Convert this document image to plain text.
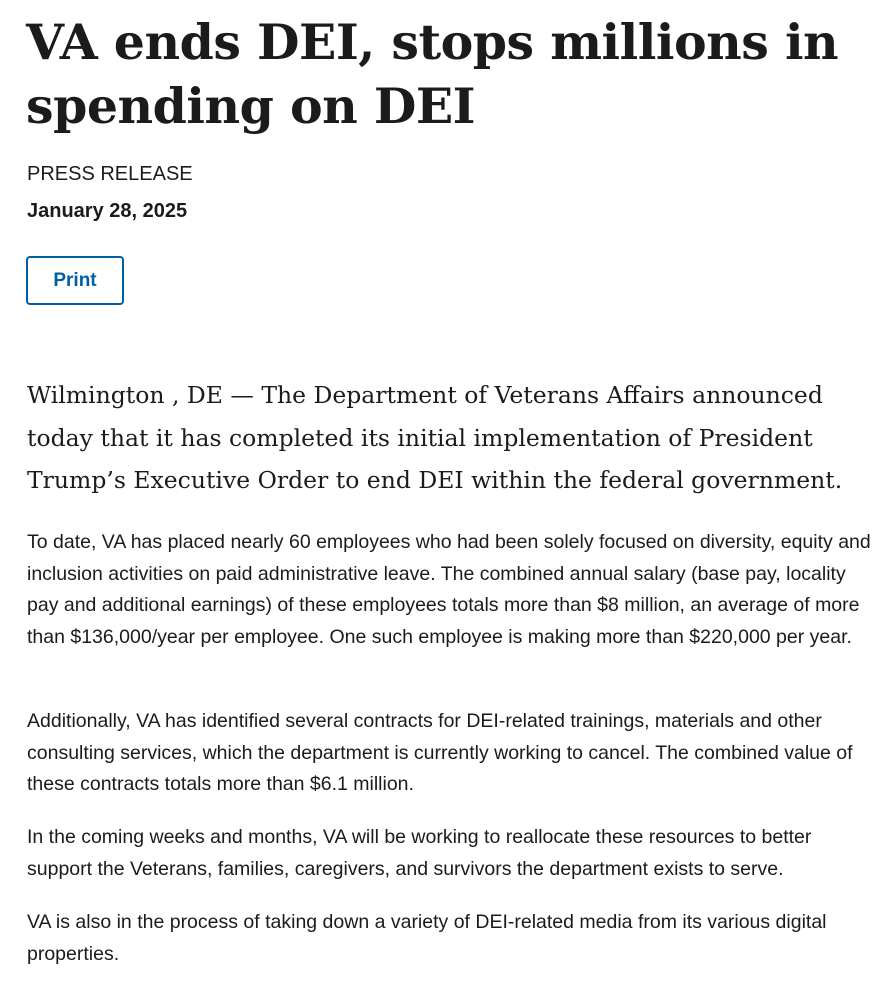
VA ends DEI, stops millions in spending on DEI
PRESS RELEASE
January 28, 2025
Print

Wilmington , DE — The Department of Veterans Affairs announced today that it has completed its initial implementation of President Trump’s Executive Order to end DEI within the federal government.

To date, VA has placed nearly 60 employees who had been solely focused on diversity, equity and inclusion activities on paid administrative leave. The combined annual salary (base pay, locality pay and additional earnings) of these employees totals more than $8 million, an average of more than $136,000/year per employee. One such employee is making more than $220,000 per year.

Additionally, VA has identified several contracts for DEI-related trainings, materials and other consulting services, which the department is currently working to cancel. The combined value of these contracts totals more than $6.1 million.

In the coming weeks and months, VA will be working to reallocate these resources to better support the Veterans, families, caregivers, and survivors the department exists to serve.

VA is also in the process of taking down a variety of DEI-related media from its various digital properties.
